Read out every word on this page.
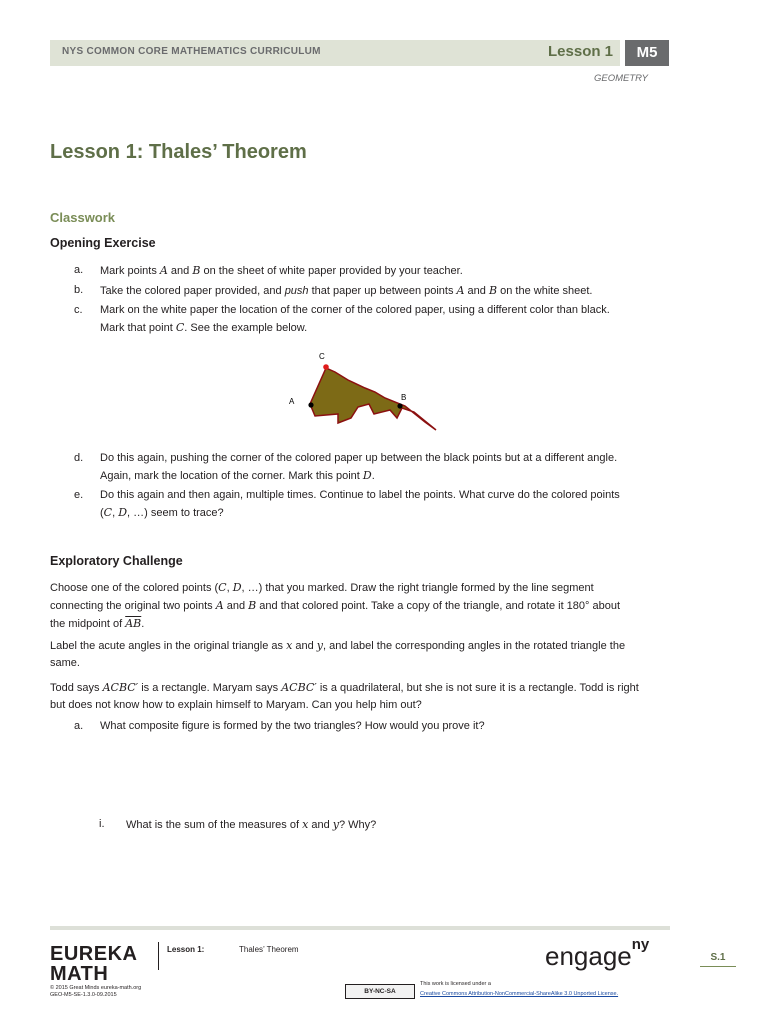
NYS COMMON CORE MATHEMATICS CURRICULUM	Lesson 1	M5
GEOMETRY
Lesson 1: Thales’ Theorem
Classwork
Opening Exercise
a. Mark points A and B on the sheet of white paper provided by your teacher.
b. Take the colored paper provided, and push that paper up between points A and B on the white sheet.
c. Mark on the white paper the location of the corner of the colored paper, using a different color than black.
Mark that point C. See the example below.
C
A	B
d. Do this again, pushing the corner of the colored paper up between the black points but at a different angle.
Again, mark the location of the corner. Mark this point D.
e. Do this again and then again, multiple times. Continue to label the points. What curve do the colored points
(C, D, …) seem to trace?
Exploratory Challenge
Choose one of the colored points (C, D, …) that you marked. Draw the right triangle formed by the line segment
connecting the original two points A and B and that colored point. Take a copy of the triangle, and rotate it 180° about
the midpoint of $\overline{AB}$.
Label the acute angles in the original triangle as x and y, and label the corresponding angles in the rotated triangle the
same.
Todd says ACBC′ is a rectangle. Maryam says ACBC′ is a quadrilateral, but she is not sure it is a rectangle. Todd is right
but does not know how to explain himself to Maryam. Can you help him out?
a. What composite figure is formed by the two triangles? How would you prove it?
i. What is the sum of the measures of x and y? Why?
EUREKA
MATH
Lesson 1:	Thales’ Theorem	engage$^{ny}$
S.1
© 2015 Great Minds eureka-math.org
GEO-M5-SE-1.3.0-09.2015	BY-NC-SA
This work is licensed under a
Creative Commons Attribution-NonCommercial-ShareAlike 3.0 Unported License.
